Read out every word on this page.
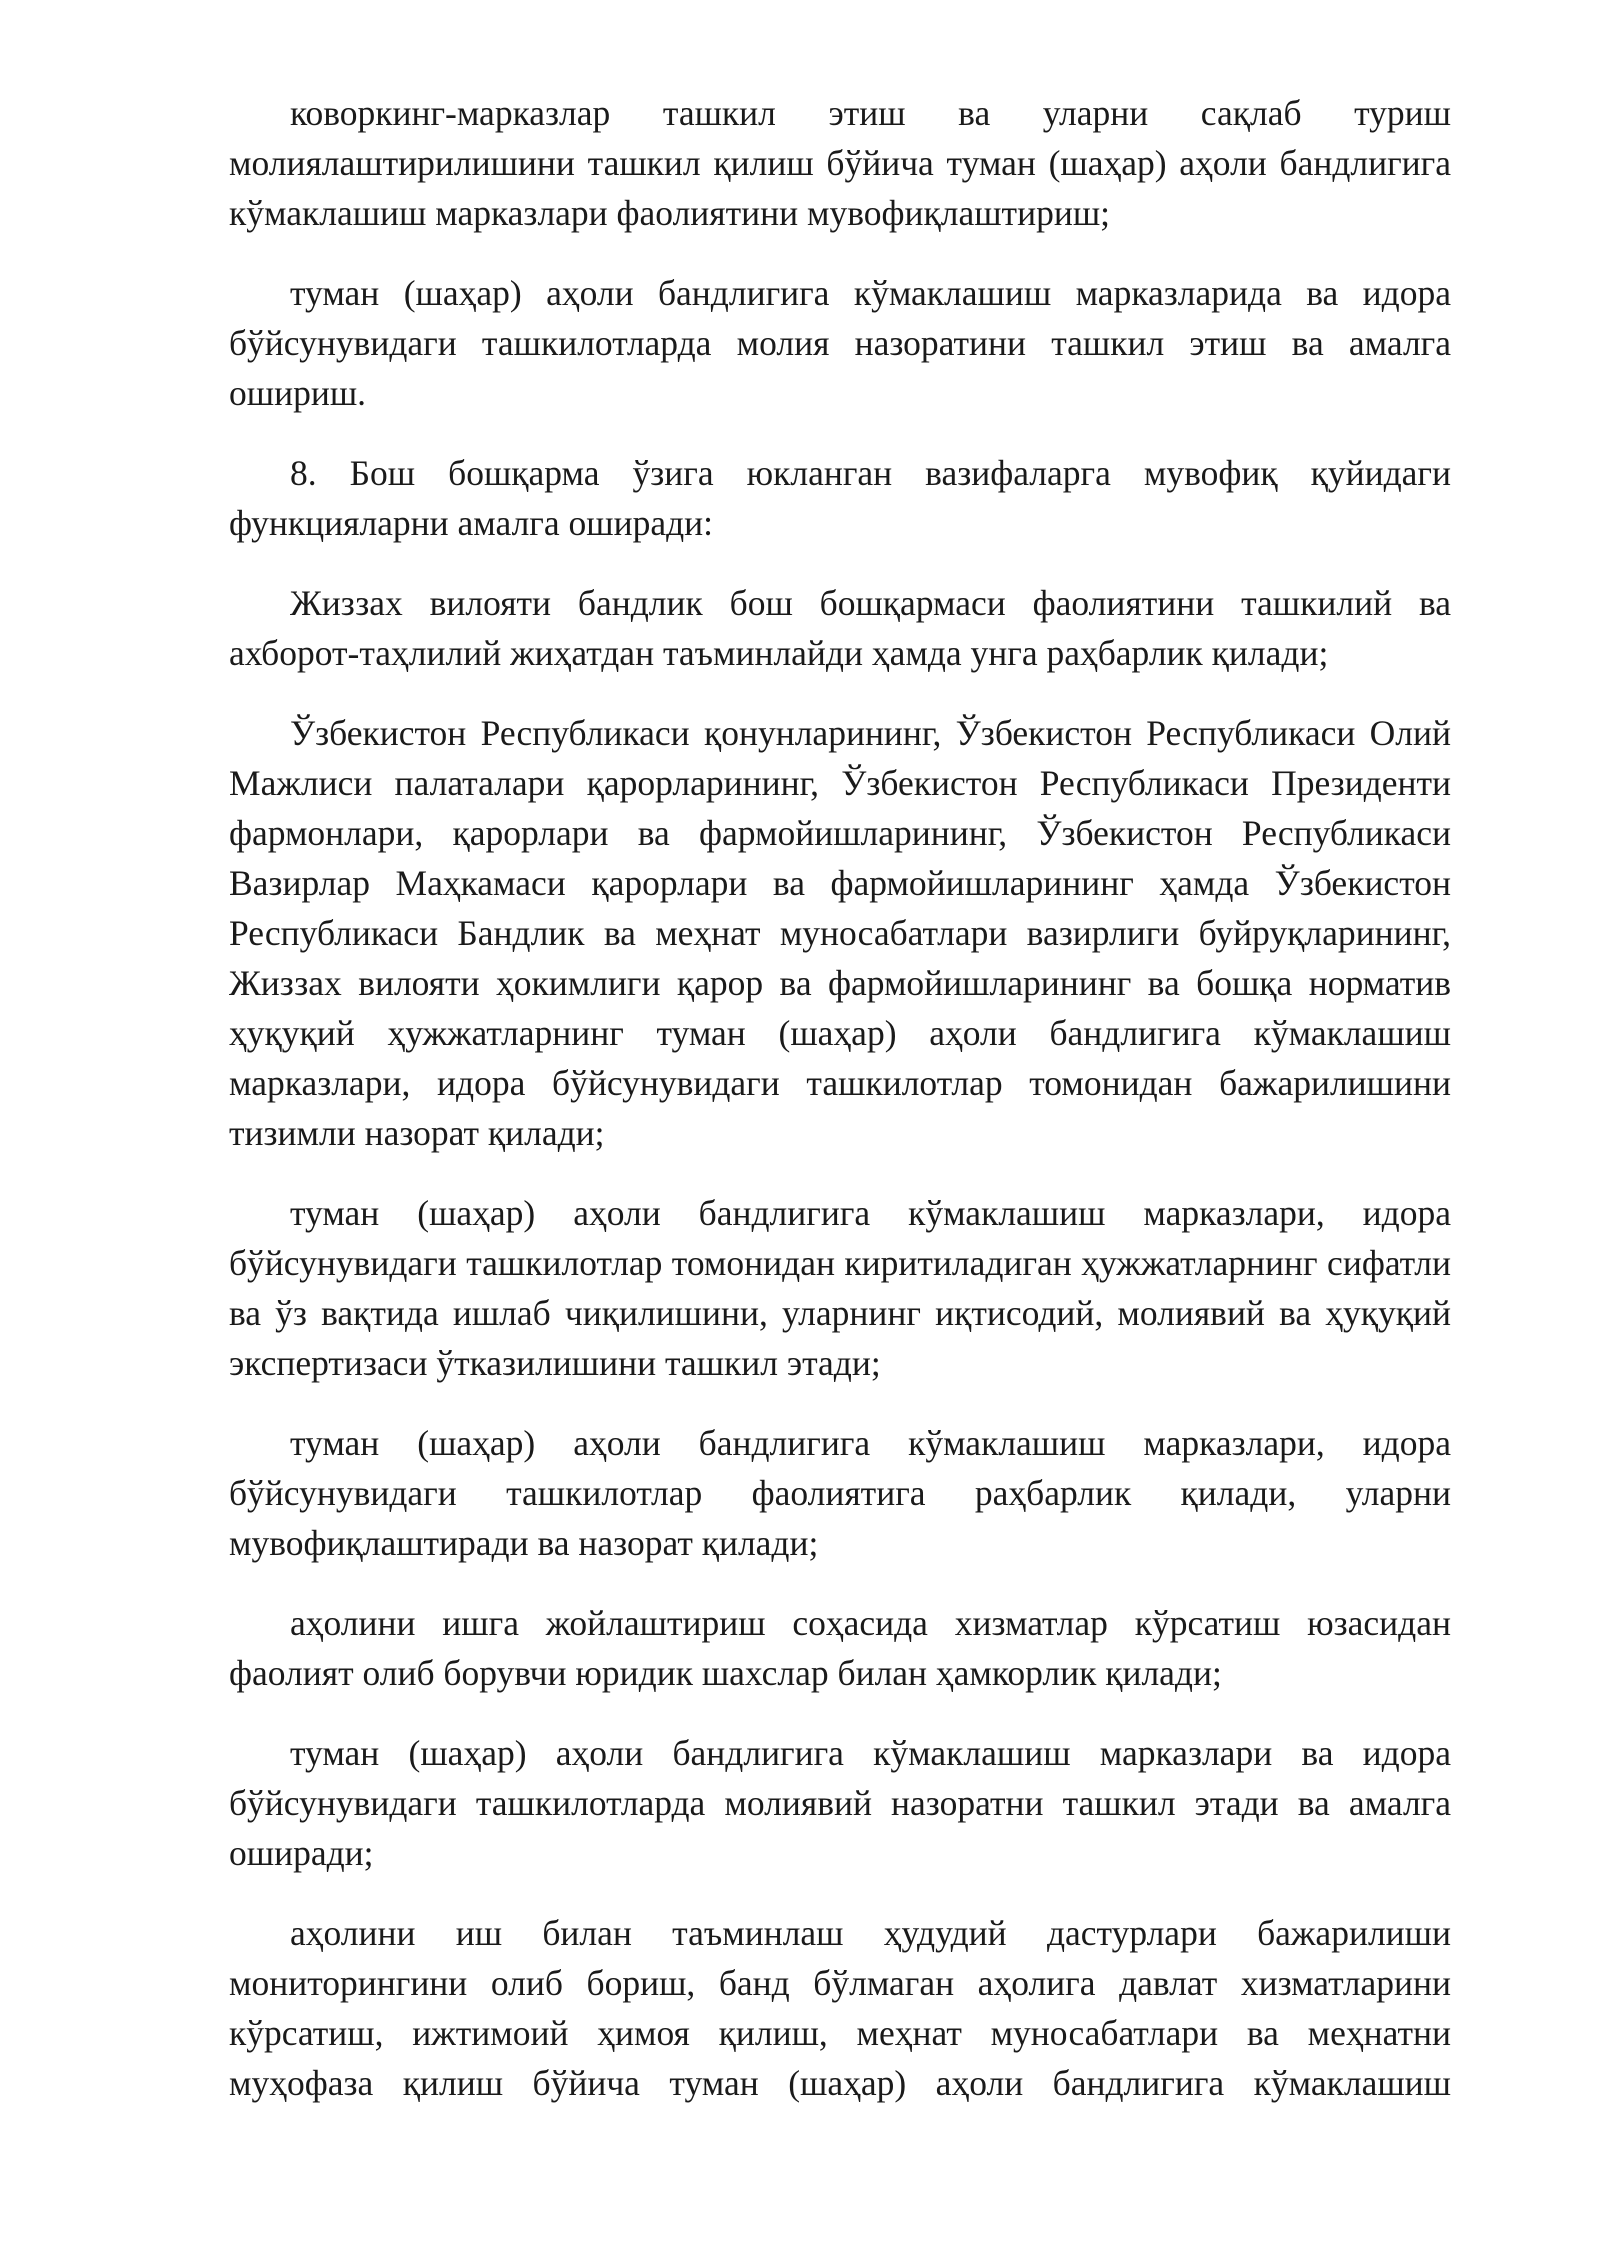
коворкинг-марказлар ташкил этиш ва уларни сақлаб туриш молиялаштирилишини ташкил қилиш бўйича туман (шаҳар) аҳоли бандлигига кўмаклашиш марказлари фаолиятини мувофиқлаштириш;

туман (шаҳар) аҳоли бандлигига кўмаклашиш марказларида ва идора бўйсунувидаги ташкилотларда молия назоратини ташкил этиш ва амалга ошириш.

8. Бош бошқарма ўзига юкланган вазифаларга мувофиқ қуйидаги функцияларни амалга оширади:

Жиззах вилояти бандлик бош бошқармаси фаолиятини ташкилий ва ахборот-таҳлилий жиҳатдан таъминлайди ҳамда унга раҳбарлик қилади;

Ўзбекистон Республикаси қонунларининг, Ўзбекистон Республикаси Олий Мажлиси палаталари қарорларининг, Ўзбекистон Республикаси Президенти фармонлари, қарорлари ва фармойишларининг, Ўзбекистон Республикаси Вазирлар Маҳкамаси қарорлари ва фармойишларининг ҳамда Ўзбекистон Республикаси Бандлик ва меҳнат муносабатлари вазирлиги буйруқларининг, Жиззах вилояти ҳокимлиги қарор ва фармойишларининг ва бошқа норматив ҳуқуқий ҳужжатларнинг туман (шаҳар) аҳоли бандлигига кўмаклашиш марказлари, идора бўйсунувидаги ташкилотлар томонидан бажарилишини тизимли назорат қилади;

туман (шаҳар) аҳоли бандлигига кўмаклашиш марказлари, идора бўйсунувидаги ташкилотлар томонидан киритиладиган ҳужжатларнинг сифатли ва ўз вақтида ишлаб чиқилишини, уларнинг иқтисодий, молиявий ва ҳуқуқий экспертизаси ўтказилишини ташкил этади;

туман (шаҳар) аҳоли бандлигига кўмаклашиш марказлари, идора бўйсунувидаги ташкилотлар фаолиятига раҳбарлик қилади, уларни мувофиқлаштиради ва назорат қилади;

аҳолини ишга жойлаштириш соҳасида хизматлар кўрсатиш юзасидан фаолият олиб борувчи юридик шахслар билан ҳамкорлик қилади;

туман (шаҳар) аҳоли бандлигига кўмаклашиш марказлари ва идора бўйсунувидаги ташкилотларда молиявий назоратни ташкил этади ва амалга оширади;

аҳолини иш билан таъминлаш ҳудудий дастурлари бажарилиши мониторингини олиб бориш, банд бўлмаган аҳолига давлат хизматларини кўрсатиш, ижтимоий ҳимоя қилиш, меҳнат муносабатлари ва меҳнатни муҳофаза қилиш бўйича туман (шаҳар) аҳоли бандлигига кўмаклашиш
